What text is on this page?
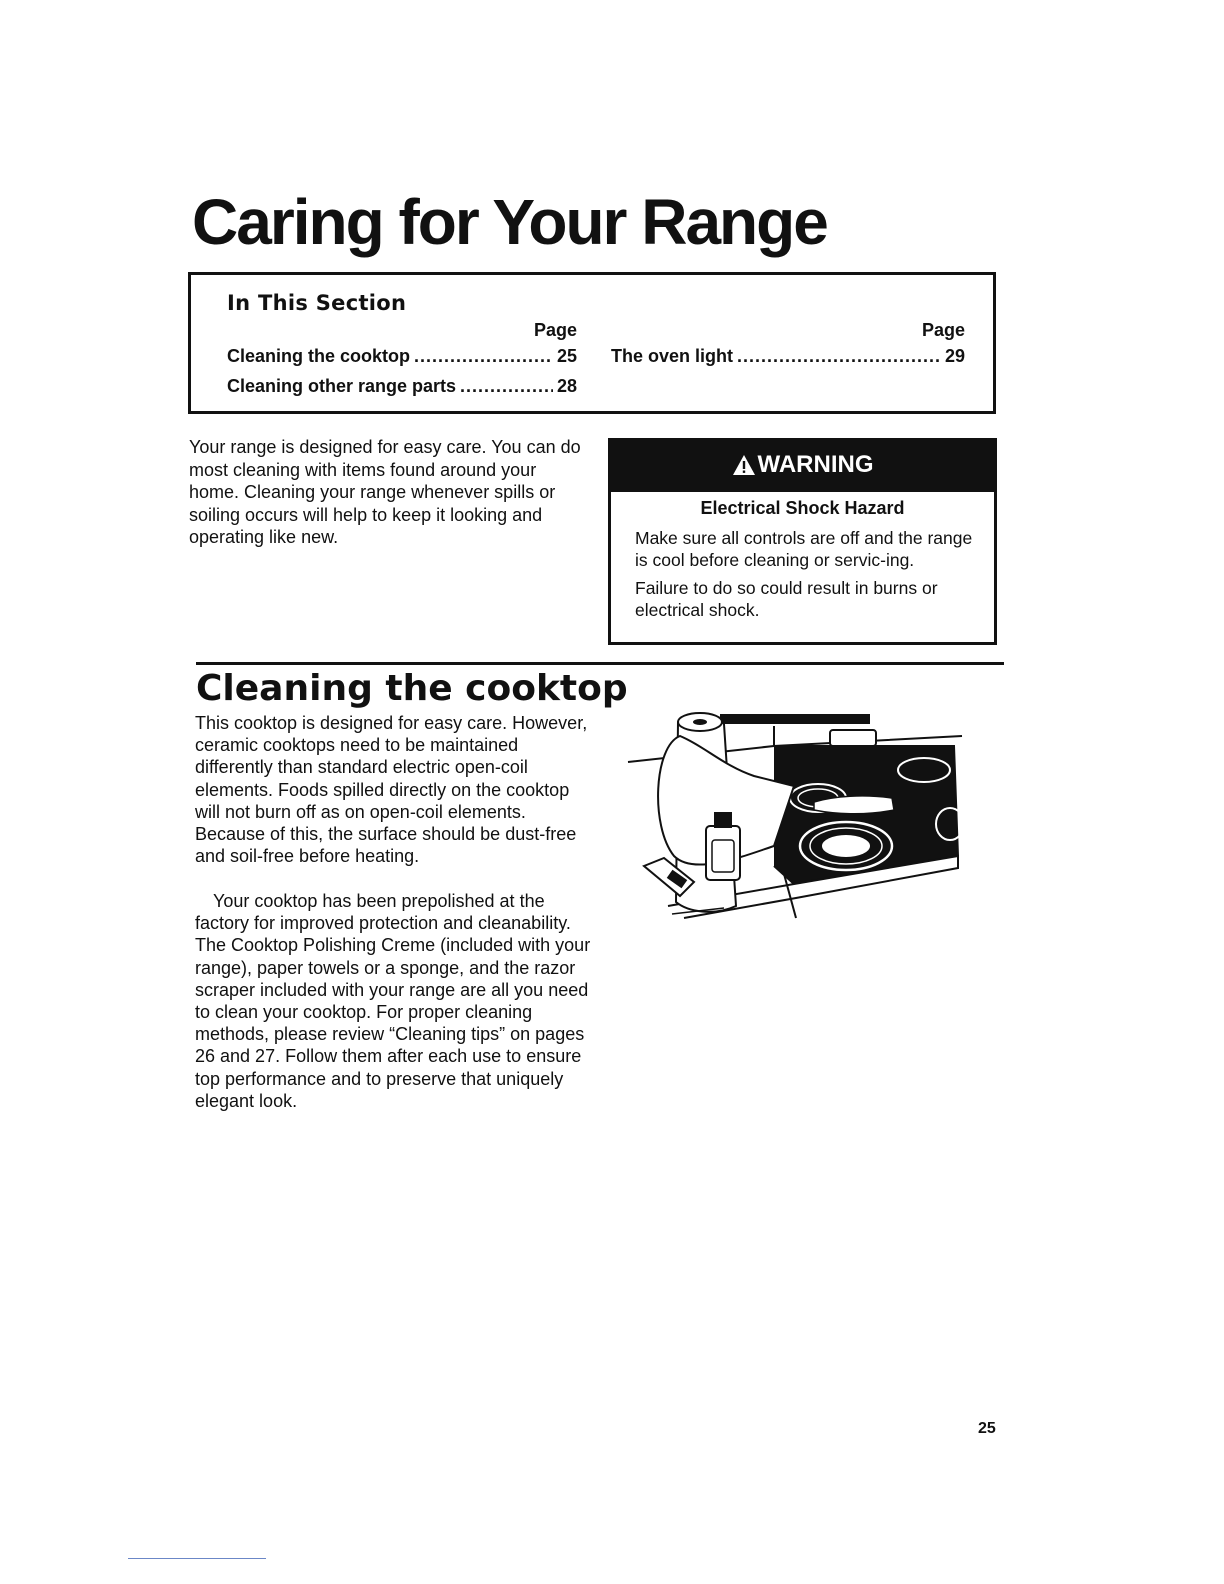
Caring for Your Range
In This Section
Page
Cleaning the cooktop .....	25
Cleaning other range parts .....	28
Page
The oven light .....	29

Your range is designed for easy care. You can do most cleaning with items found around your home. Cleaning your range whenever spills or soiling occurs will help to keep it looking and operating like new.

WARNING
Electrical Shock Hazard

Make sure all controls are off and the range is cool before cleaning or servic-ing.

Failure to do so could result in burns or electrical shock.

Cleaning the cooktop

This cooktop is designed for easy care. However, ceramic cooktops need to be maintained differently than standard electric open-coil elements. Foods spilled directly on the cooktop will not burn off as on open-coil elements. Because of this, the surface should be dust-free and soil-free before heating.

Your cooktop has been prepolished at the factory for improved protection and cleanability. The Cooktop Polishing Creme (included with your range), paper towels or a sponge, and the razor scraper included with your range are all you need to clean your cooktop. For proper cleaning methods, please review “Cleaning tips” on pages 26 and 27. Follow them after each use to ensure top performance and to preserve that uniquely elegant look.

25
